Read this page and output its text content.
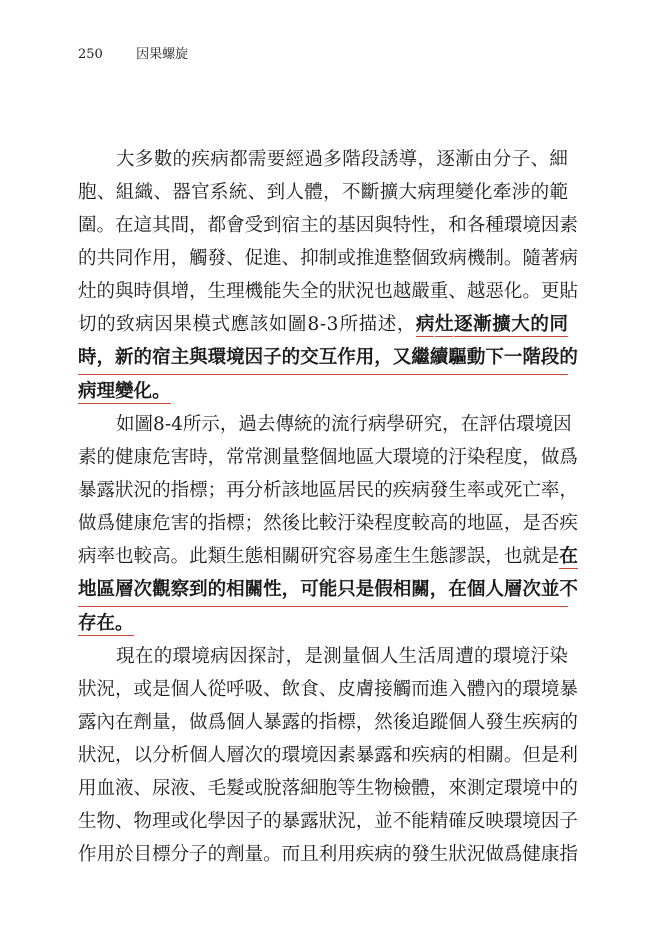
250	因果螺旋
大 多 數 的 疾 病 都 需 要 經 過 多 階 段 誘 導 ， 逐 漸 由 分 子 、 細
胞 、 組 織 、 器 官 系 統 、 到 人 體 ， 不 斷 擴 大 病 理 變 化 牽 涉 的 範
圍 。 在 這 其 間 ， 都 會 受 到 宿 主 的 基 因 與 特 性 ， 和 各 種 環 境 因 素
的 共 同 作 用 ， 觸 發 、 促 進 、 抑 制 或 推 進 整 個 致 病 機 制 。 隨 著 病
灶 的 與 時 俱 增 ， 生 理 機 能 失 全 的 狀 況 也 越 嚴 重 、 越 惡 化 。 更 貼
切 的 致 病 因 果 模 式 應 該 如 圖 8 - 3 所 描 述 ， 病 灶 逐 漸 擴 大 的 同
時 ， 新 的 宿 主 與 環 境 因 子 的 交 互 作 用 ， 又 繼 續 驅 動 下 一 階 段 的
病 理 變 化 。
如 圖 8 - 4 所 示 ， 過 去 傳 統 的 流 行 病 學 研 究 ， 在 評 估 環 境 因
素 的 健 康 危 害 時 ， 常 常 測 量 整 個 地 區 大 環 境 的 汙 染 程 度 ， 做 爲
暴 露 狀 況 的 指 標 ； 再 分 析 該 地 區 居 民 的 疾 病 發 生 率 或 死 亡 率 ，
做 爲 健 康 危 害 的 指 標 ； 然 後 比 較 汙 染 程 度 較 高 的 地 區 ， 是 否 疾
病 率 也 較 高 。 此 類 生 態 相 關 研 究 容 易 產 生 生 態 謬 誤 ， 也 就 是 在
地 區 層 次 觀 察 到 的 相 關 性 ， 可 能 只 是 假 相 關 ， 在 個 人 層 次 並 不
存 在 。
現 在 的 環 境 病 因 探 討 ， 是 測 量 個 人 生 活 周 遭 的 環 境 汙 染
狀 況 ， 或 是 個 人 從 呼 吸 、 飲 食 、 皮 膚 接 觸 而 進 入 體 內 的 環 境 暴
露 內 在 劑 量 ， 做 爲 個 人 暴 露 的 指 標 ， 然 後 追 蹤 個 人 發 生 疾 病 的
狀 況 ， 以 分 析 個 人 層 次 的 環 境 因 素 暴 露 和 疾 病 的 相 關 。 但 是 利
用 血 液 、 尿 液 、 毛 髮 或 脫 落 細 胞 等 生 物 檢 體 ， 來 測 定 環 境 中 的
生 物 、 物 理 或 化 學 因 子 的 暴 露 狀 況 ， 並 不 能 精 確 反 映 環 境 因 子
作 用 於 目 標 分 子 的 劑 量 。 而 且 利 用 疾 病 的 發 生 狀 況 做 爲 健 康 指
